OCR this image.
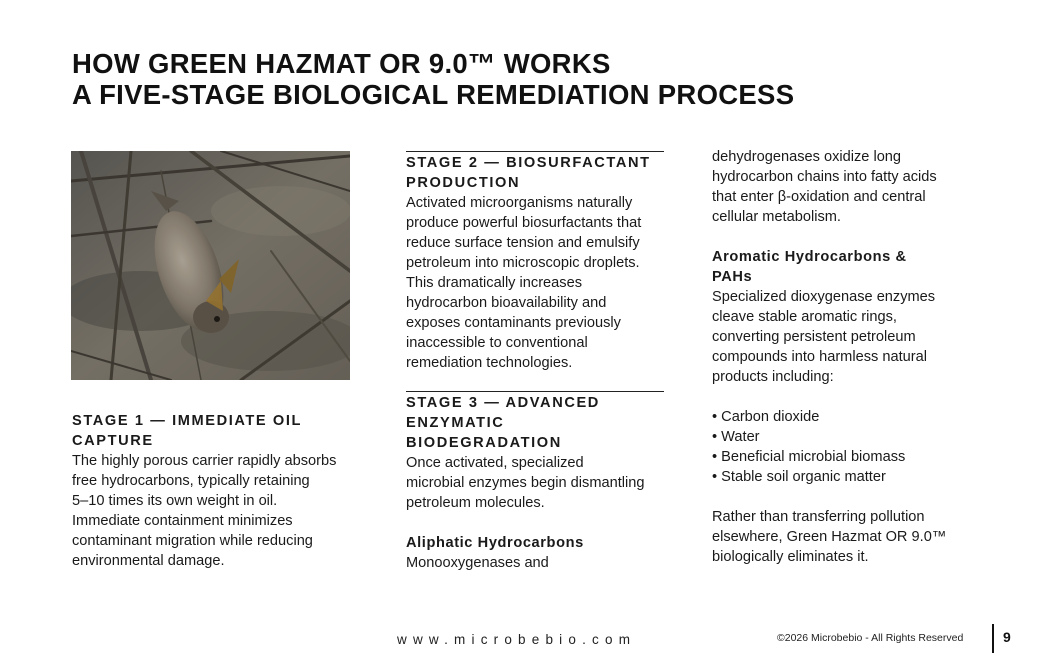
HOW GREEN HAZMAT OR 9.0™ WORKS
A FIVE-STAGE BIOLOGICAL REMEDIATION PROCESS

STAGE 1 — IMMEDIATE OIL
CAPTURE

The highly porous carrier rapidly absorbs
free hydrocarbons, typically retaining
5–10 times its own weight in oil.
Immediate containment minimizes
contaminant migration while reducing
environmental damage.

STAGE 2 — BIOSURFACTANT
PRODUCTION

Activated microorganisms naturally
produce powerful biosurfactants that
reduce surface tension and emulsify
petroleum into microscopic droplets.
This dramatically increases
hydrocarbon bioavailability and
exposes contaminants previously
inaccessible to conventional
remediation technologies.

STAGE 3 — ADVANCED
ENZYMATIC
BIODEGRADATION

Once activated, specialized
microbial enzymes begin dismantling
petroleum molecules.

Aliphatic Hydrocarbons

Monooxygenases and

dehydrogenases oxidize long
hydrocarbon chains into fatty acids
that enter β-oxidation and central
cellular metabolism.

Aromatic Hydrocarbons &
PAHs

Specialized dioxygenase enzymes
cleave stable aromatic rings,
converting persistent petroleum
compounds into harmless natural
products including:

• Carbon dioxide
• Water
• Beneficial microbial biomass
• Stable soil organic matter

Rather than transferring pollution
elsewhere, Green Hazmat OR 9.0™
biologically eliminates it.

www.microbebio.com	©2026 Microbebio - All Rights Reserved	9
